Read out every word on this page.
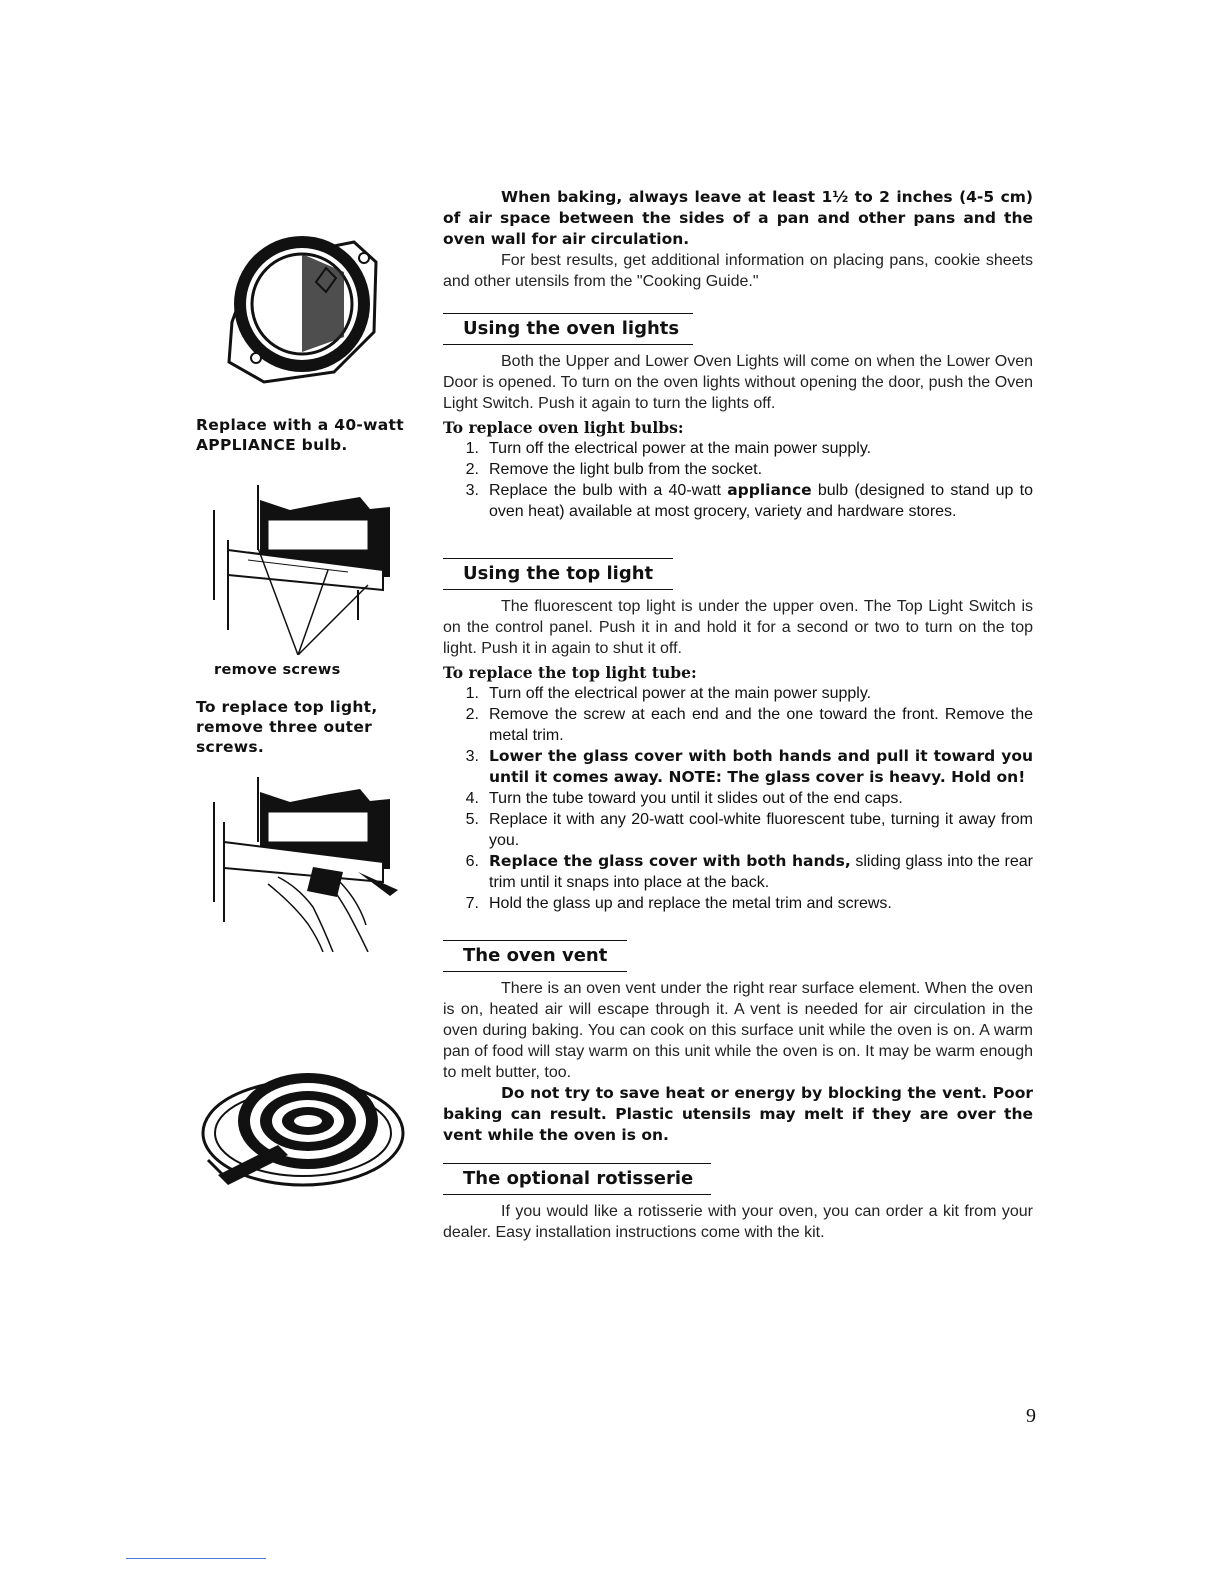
Replace with a 40-watt APPLIANCE bulb.
remove screws
To replace top light, remove three outer screws.

When baking, always leave at least 1½ to 2 inches (4-5 cm) of air space between the sides of a pan and other pans and the oven wall for air circulation.

For best results, get additional information on placing pans, cookie sheets and other utensils from the "Cooking Guide."

Using the oven lights

Both the Upper and Lower Oven Lights will come on when the Lower Oven Door is opened. To turn on the oven lights without opening the door, push the Oven Light Switch. Push it again to turn the lights off.

To replace oven light bulbs:

1. Turn off the electrical power at the main power supply.
2. Remove the light bulb from the socket.
3. Replace the bulb with a 40-watt appliance bulb (designed to stand up to oven heat) available at most grocery, variety and hardware stores.
Using the top light

The fluorescent top light is under the upper oven. The Top Light Switch is on the control panel. Push it in and hold it for a second or two to turn on the top light. Push it in again to shut it off.

To replace the top light tube:

1. Turn off the electrical power at the main power supply.
2. Remove the screw at each end and the one toward the front. Remove the metal trim.
3. Lower the glass cover with both hands and pull it toward you until it comes away. NOTE: The glass cover is heavy. Hold on!
4. Turn the tube toward you until it slides out of the end caps.
5. Replace it with any 20-watt cool-white fluorescent tube, turning it away from you.
6. Replace the glass cover with both hands, sliding glass into the rear trim until it snaps into place at the back.
7. Hold the glass up and replace the metal trim and screws.
The oven vent

There is an oven vent under the right rear surface element. When the oven is on, heated air will escape through it. A vent is needed for air circulation in the oven during baking. You can cook on this surface unit while the oven is on. A warm pan of food will stay warm on this unit while the oven is on. It may be warm enough to melt butter, too.

Do not try to save heat or energy by blocking the vent. Poor baking can result. Plastic utensils may melt if they are over the vent while the oven is on.

The optional rotisserie

If you would like a rotisserie with your oven, you can order a kit from your dealer. Easy installation instructions come with the kit.

9
